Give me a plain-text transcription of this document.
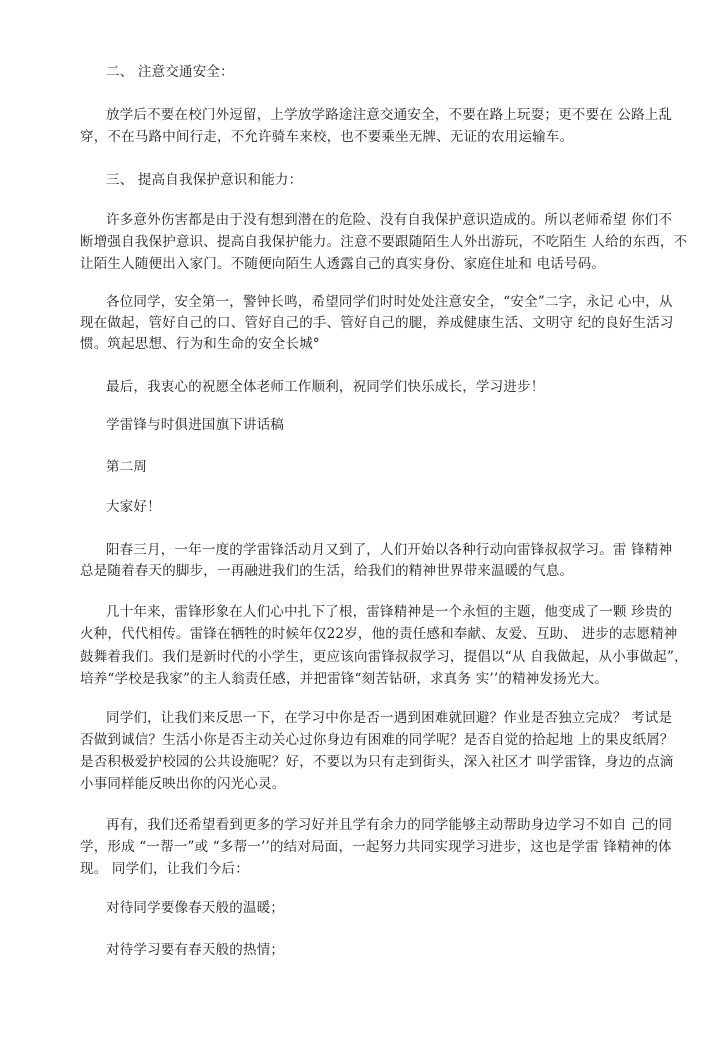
二、 注意交通安全：
放学后不要在校门外逗留，上学放学路途注意交通安全，不要在路上玩耍；更不要在 公路上乱
穿，不在马路中间行走，不允许骑车来校，也不要乘坐无牌、无证的农用运输车。
三、 提高自我保护意识和能力：
许多意外伤害都是由于没有想到潜在的危险、没有自我保护意识造成的。所以老师希望 你们不
断增强自我保护意识、提高自我保护能力。注意不要跟随陌生人外出游玩，不吃陌生 人给的东西，不
让陌生人随便出入家门。不随便向陌生人透露自己的真实身份、家庭住址和 电话号码。
各位同学，安全第一，警钟长鸣，希望同学们时时处处注意安全，“安全”二字，永记 心中，从
现在做起，管好自己的口、管好自己的手、管好自己的腿，养成健康生活、文明守 纪的良好生活习
惯。筑起思想、行为和生命的安全长城°
最后，我衷心的祝愿全体老师工作顺利，祝同学们快乐成长，学习进步！
学雷锋与时俱进国旗下讲话稿
第二周
大家好！
阳春三月，一年一度的学雷锋活动月又到了，人们开始以各种行动向雷锋叔叔学习。雷 锋精神
总是随着春天的脚步，一再融进我们的生活，给我们的精神世界带来温暖的气息。
几十年来，雷锋形象在人们心中扎下了根，雷锋精神是一个永恒的主题，他变成了一颗 珍贵的
火种，代代相传。雷锋在牺牲的时候年仅22岁，他的责任感和奉献、友爱、互助、 进步的志愿精神
鼓舞着我们。我们是新时代的小学生，更应该向雷锋叔叔学习，提倡以“从 自我做起，从小事做起”，
培养“学校是我家”的主人翁责任感，并把雷锋“刻苦钻研，求真务 实’’的精神发扬光大。
同学们，让我们来反思一下，在学习中你是否一遇到困难就回避？作业是否独立完成？ 考试是
否做到诚信？生活小你是否主动关心过你身边有困难的同学呢？是否自觉的拾起地 上的果皮纸屑？
是否积极爱护校园的公共设施呢？好，不要以为只有走到街头，深入社区才 叫学雷锋，身边的点滴
小事同样能反映出你的闪光心灵。
再有，我们还希望看到更多的学习好并且学有余力的同学能够主动帮助身边学习不如自 己的同
学，形成 “一帮一”或 “多帮一’’的结对局面，一起努力共同实现学习进步，这也是学雷 锋精神的体
现。 同学们，让我们今后：
对待同学要像春天般的温暖；
对待学习要有春天般的热情；
